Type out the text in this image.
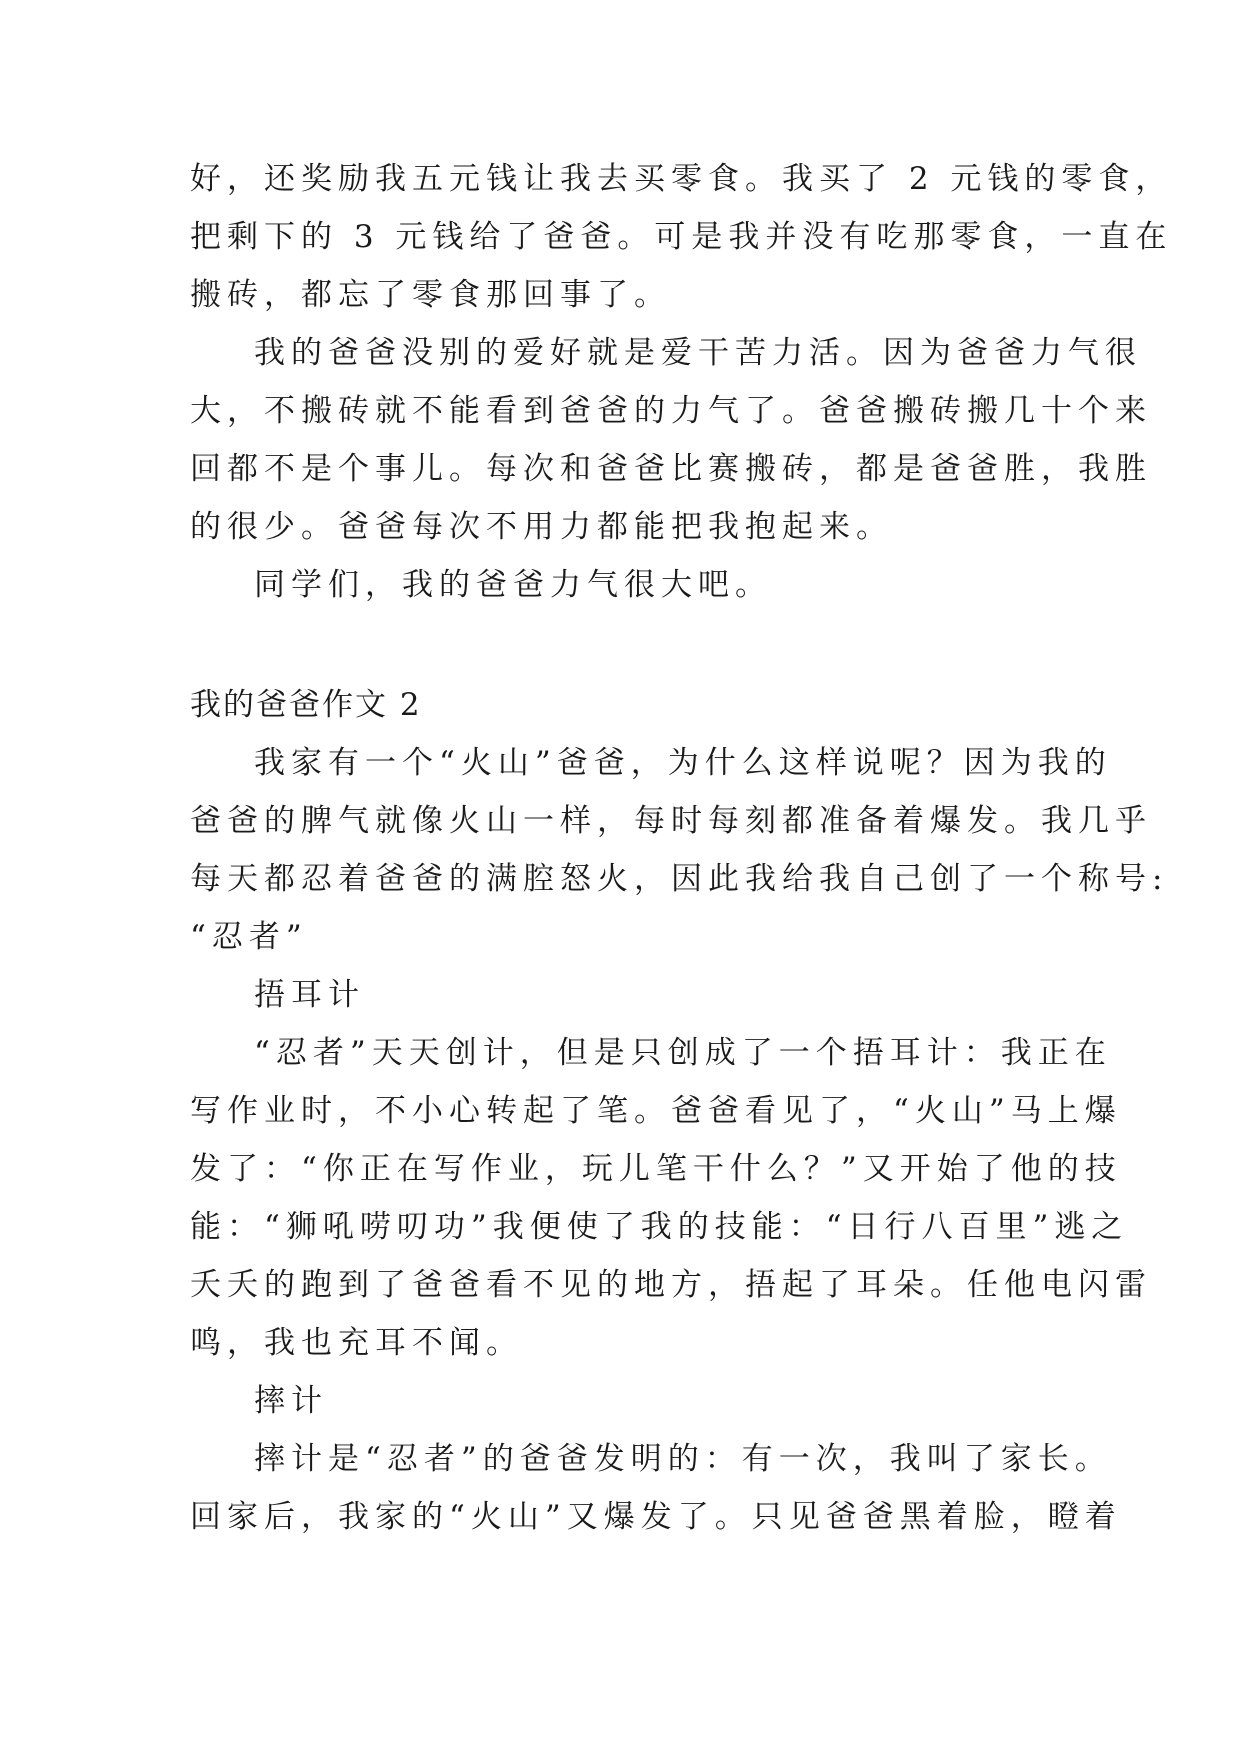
好，还奖励我五元钱让我去买零食。我买了 2 元钱的零食，
把剩下的 3 元钱给了爸爸。可是我并没有吃那零食，一直在
搬砖，都忘了零食那回事了。
我的爸爸没别的爱好就是爱干苦力活。因为爸爸力气很
大，不搬砖就不能看到爸爸的力气了。爸爸搬砖搬几十个来
回都不是个事儿。每次和爸爸比赛搬砖，都是爸爸胜，我胜
的很少。爸爸每次不用力都能把我抱起来。
同学们，我的爸爸力气很大吧。
我的爸爸作文 2
我家有一个“火山”爸爸，为什么这样说呢？因为我的
爸爸的脾气就像火山一样，每时每刻都准备着爆发。我几乎
每天都忍着爸爸的满腔怒火，因此我给我自己创了一个称号:
“忍者”
捂耳计
“忍者”天天创计，但是只创成了一个捂耳计：我正在
写作业时，不小心转起了笔。爸爸看见了，“火山”马上爆
发了：“你正在写作业，玩儿笔干什么？”又开始了他的技
能：“狮吼唠叨功”我便使了我的技能：“日行八百里”逃之
夭夭的跑到了爸爸看不见的地方，捂起了耳朵。任他电闪雷
鸣，我也充耳不闻。
摔计
摔计是“忍者”的爸爸发明的：有一次，我叫了家长。
回家后，我家的“火山”又爆发了。只见爸爸黑着脸，瞪着
